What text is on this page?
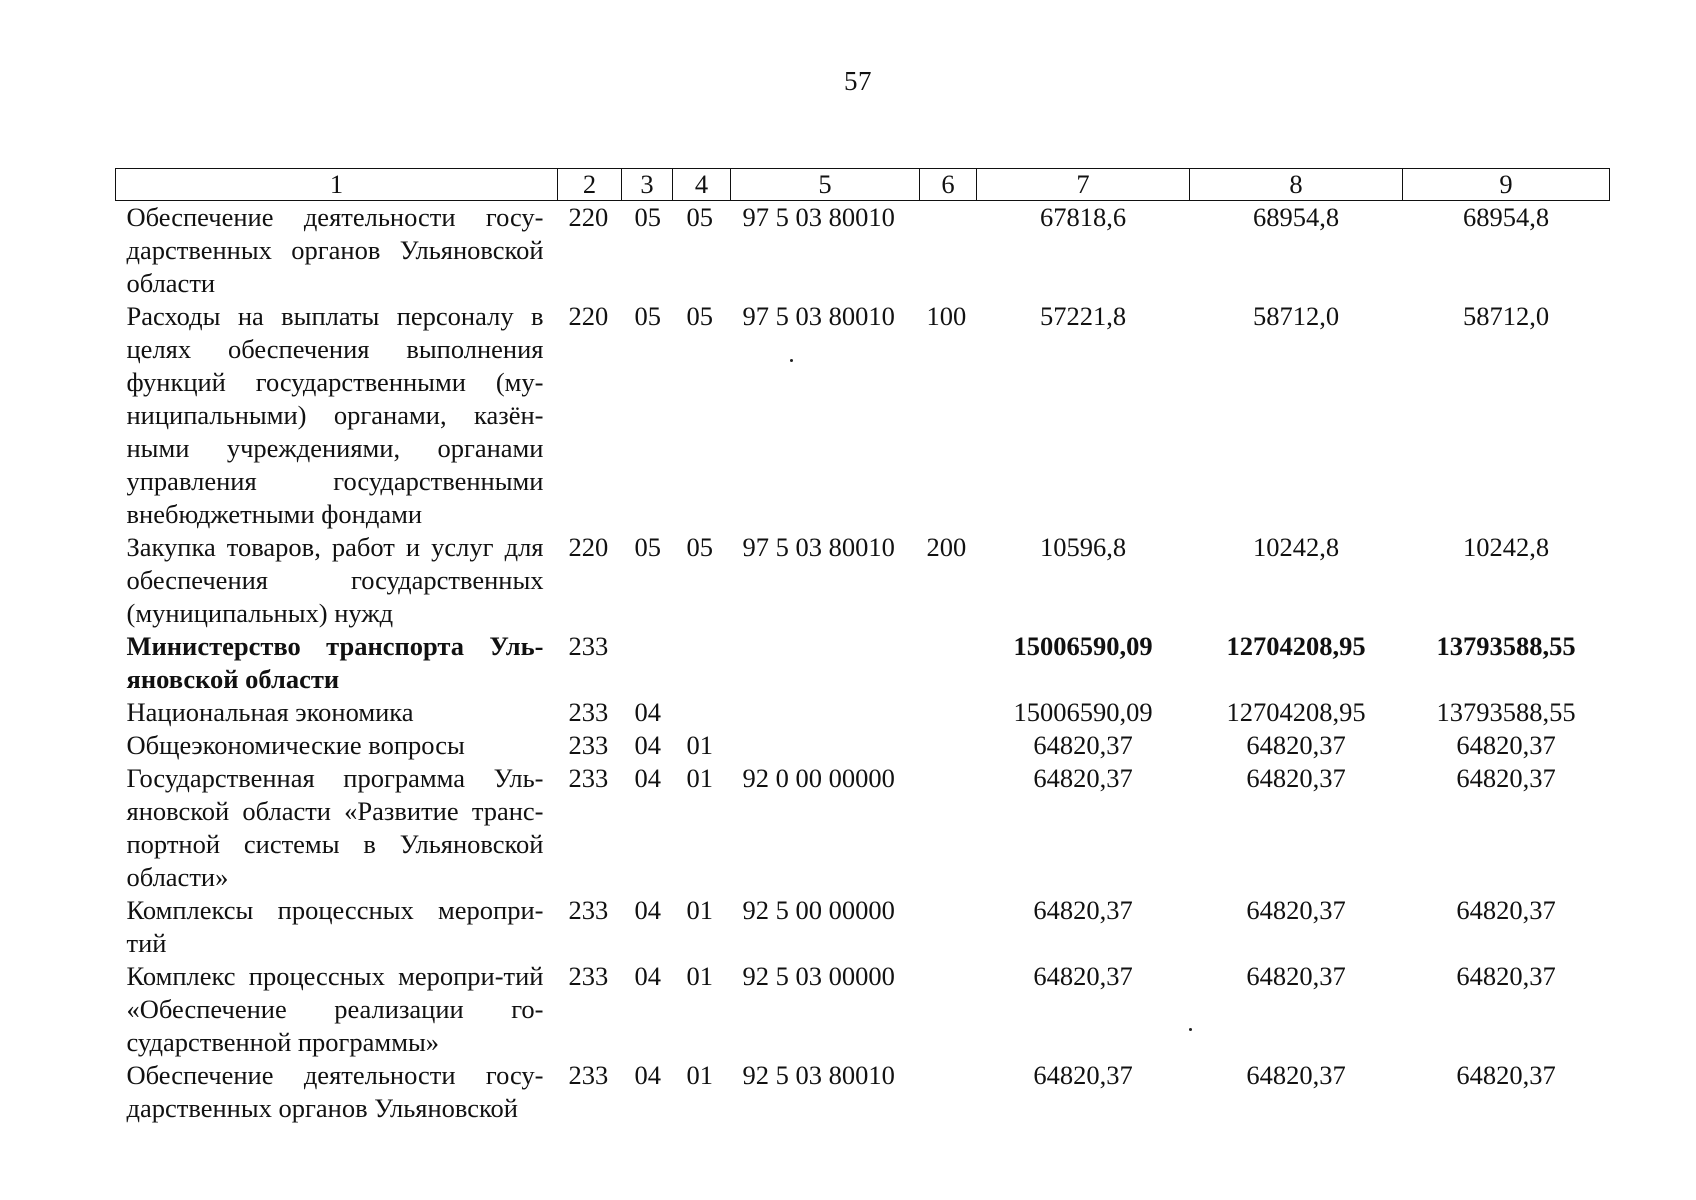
57
1	2	3	4	5	6	7	8	9
Обеспечение деятельности госу-дарственных органов Ульяновской области	220	05	05	97 5 03 80010		67818,6	68954,8	68954,8
Расходы на выплаты персоналу в целях обеспечения выполнения функций государственными (му-ниципальными) органами, казён-ными учреждениями, органами управления государственными внебюджетными фондами	220	05	05	97 5 03 80010	100	57221,8	58712,0	58712,0
Закупка товаров, работ и услуг для обеспечения государственных (муниципальных) нужд	220	05	05	97 5 03 80010	200	10596,8	10242,8	10242,8
Министерство транспорта Уль-яновской области	233					15006590,09	12704208,95	13793588,55
Национальная экономика	233	04				15006590,09	12704208,95	13793588,55
Общеэкономические вопросы	233	04	01			64820,37	64820,37	64820,37
Государственная программа Уль-яновской области «Развитие транс-портной системы в Ульяновской области»	233	04	01	92 0 00 00000		64820,37	64820,37	64820,37
Комплексы процессных меропри-тий	233	04	01	92 5 00 00000		64820,37	64820,37	64820,37
Комплекс процессных меропри-тий «Обеспечение реализации го-сударственной программы»	233	04	01	92 5 03 00000		64820,37	64820,37	64820,37
Обеспечение деятельности госу-дарственных органов Ульяновской	233	04	01	92 5 03 80010		64820,37	64820,37	64820,37
